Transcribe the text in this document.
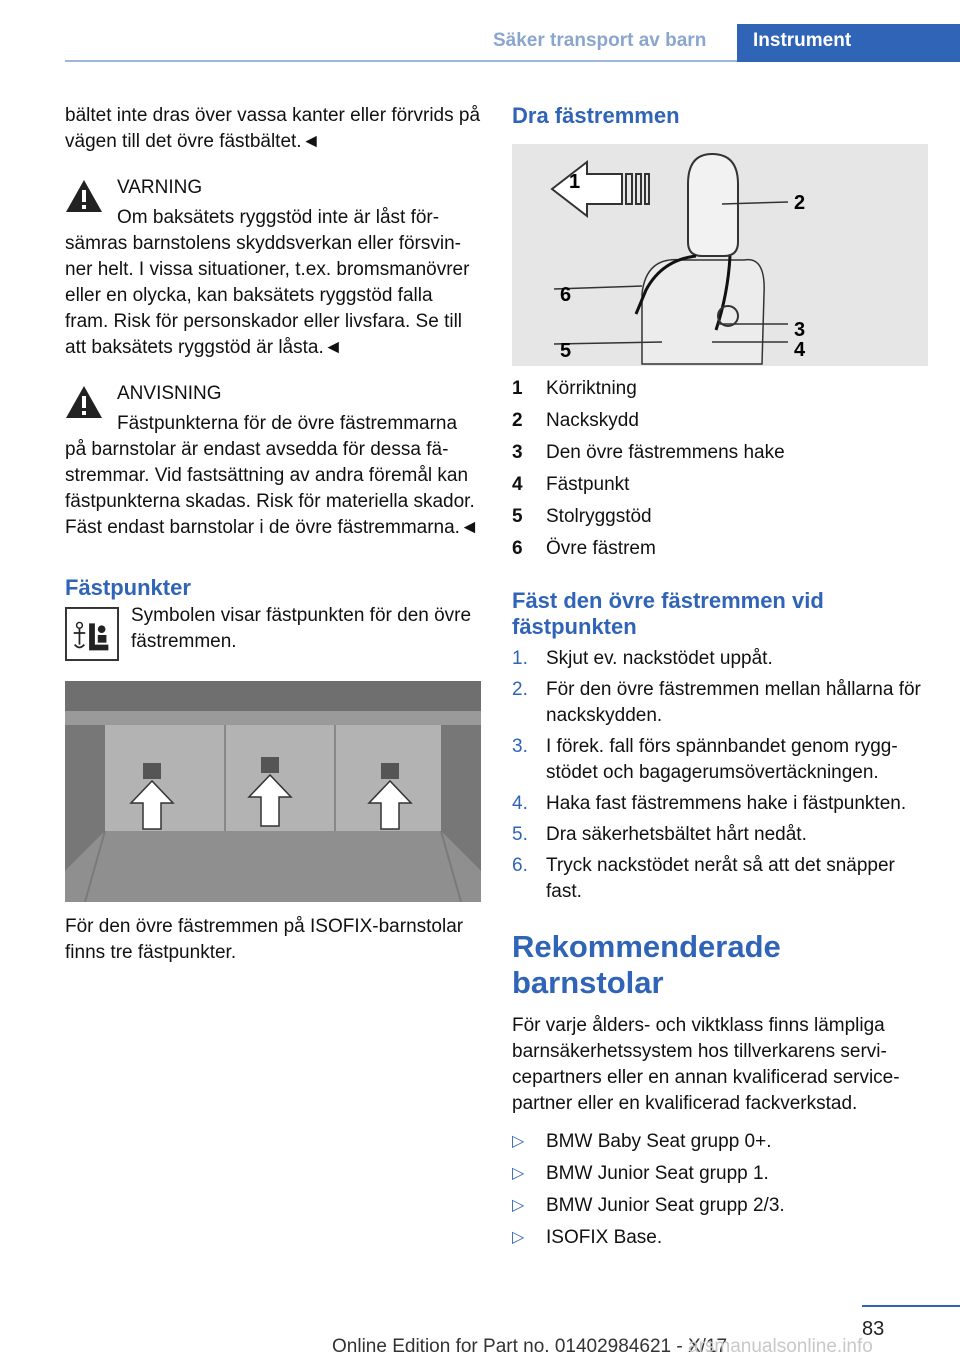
Säker transport av barn	Instrument

bältet inte dras över vassa kanter eller förvrids på vägen till det övre fästbältet.◄

VARNING

Om baksätets ryggstöd inte är låst försämras barnstolens skyddsverkan eller försvinner helt. I vissa situationer, t.ex. bromsmanövrer eller en olycka, kan baksätets ryggstöd falla fram. Risk för personskador eller livsfara. Se till att baksätets ryggstöd är låsta.◄

ANVISNING

Fästpunkterna för de övre fästremmarna på barnstolar är endast avsedda för dessa fästremmar. Vid fastsättning av andra föremål kan fästpunkterna skadas. Risk för materiella skador. Fäst endast barnstolar i de övre fästremmarna.◄

Fästpunkter

Symbolen visar fästpunkten för den övre fästremmen.

För den övre fästremmen på ISOFIX-barnstolar finns tre fästpunkter.

Dra fästremmen
1
2
3
4
5
6
1 Körriktning
2 Nackskydd
3 Den övre fästremmens hake
4 Fästpunkt
5 Stolryggstöd
6 Övre fästrem
Fäst den övre fästremmen vid fästpunkten
1. Skjut ev. nackstödet uppåt.
2. För den övre fästremmen mellan hållarna för nackskydden.
3. I förek. fall förs spännbandet genom ryggstödet och bagagerumsövertäckningen.
4. Haka fast fästremmens hake i fästpunkten.
5. Dra säkerhetsbältet hårt nedåt.
6. Tryck nackstödet neråt så att det snäpper fast.
Rekommenderade barnstolar

För varje ålders- och viktklass finns lämpliga barnsäkerhetssystem hos tillverkarens servicepartners eller en annan kvalificerad servicepartner eller en kvalificerad fackverkstad.

▷ BMW Baby Seat grupp 0+.
▷ BMW Junior Seat grupp 1.
▷ BMW Junior Seat grupp 2/3.
▷ ISOFIX Base.
83
Online Edition for Part no. 01402984621 - X/17
arsmanualsonline.info
